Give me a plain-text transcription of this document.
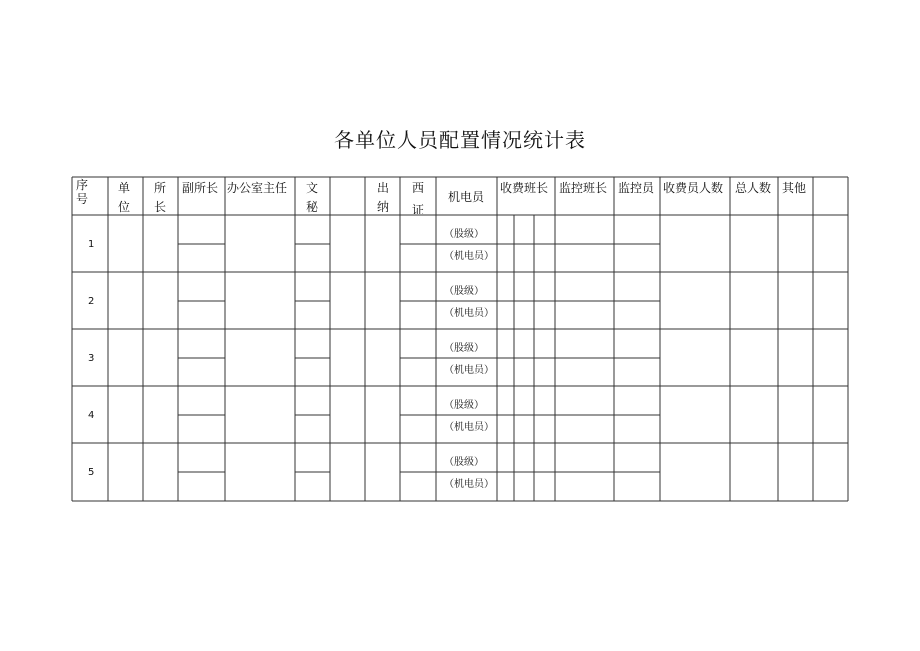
各单位人员配置情况统计表
序
号
单
位
所
长
副所长 办公室主任 文
秘
出
纳
西
证
机电员
收费班长 监控班长 监控员 收费员人数 总人数 其他
1
（股级）
（机电员）
2
（股级）
（机电员）
3
（股级）
（机电员）
4
（股级）
（机电员）
5
（股级）
（机电员）
